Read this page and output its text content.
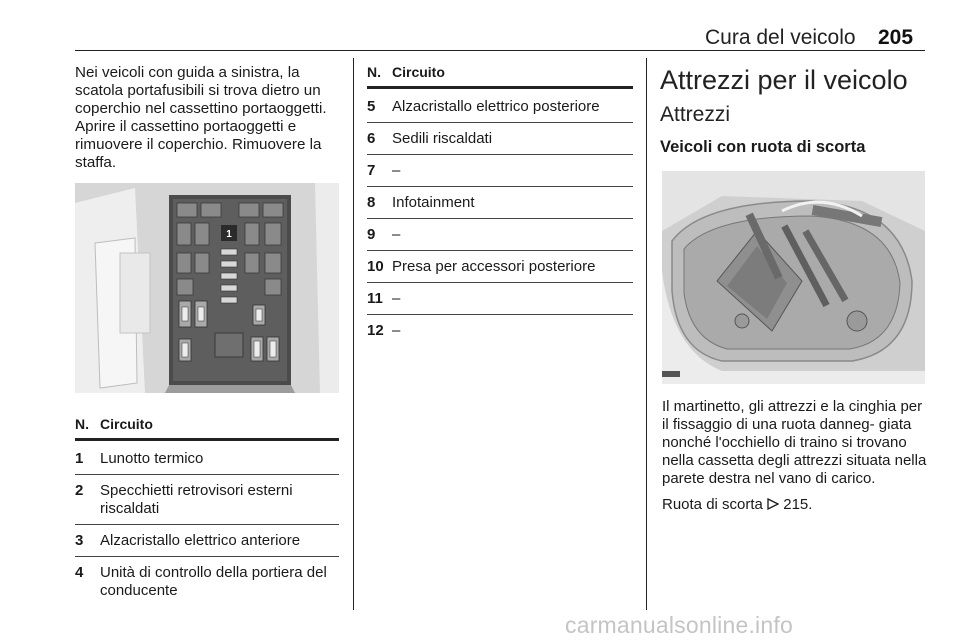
Cura del veicolo 205

Nei veicoli con guida a sinistra, la scatola portafusibili si trova dietro un coperchio nel cassettino portaoggetti. Aprire il cassettino portaoggetti e rimuovere il coperchio. Rimuovere la staffa.

1
N. Circuito
1	Lunotto termico
2	Specchietti retrovisori esterni riscaldati
3	Alzacristallo elettrico anteriore
4	Unità di controllo della portiera del conducente
N. Circuito
5	Alzacristallo elettrico posteriore
6	Sedili riscaldati
7	–
8	Infotainment
9	–
10 Presa per accessori posteriore
11 –
12 –
Attrezzi per il veicolo
Attrezzi
Veicoli con ruota di scorta

Il martinetto, gli attrezzi e la cinghia per il fissaggio di una ruota danneg- giata nonché l'occhiello di traino si trovano nella cassetta degli attrezzi situata nella parete destra nel vano di carico.

Ruota di scorta 215.

carmanualsonline.info
